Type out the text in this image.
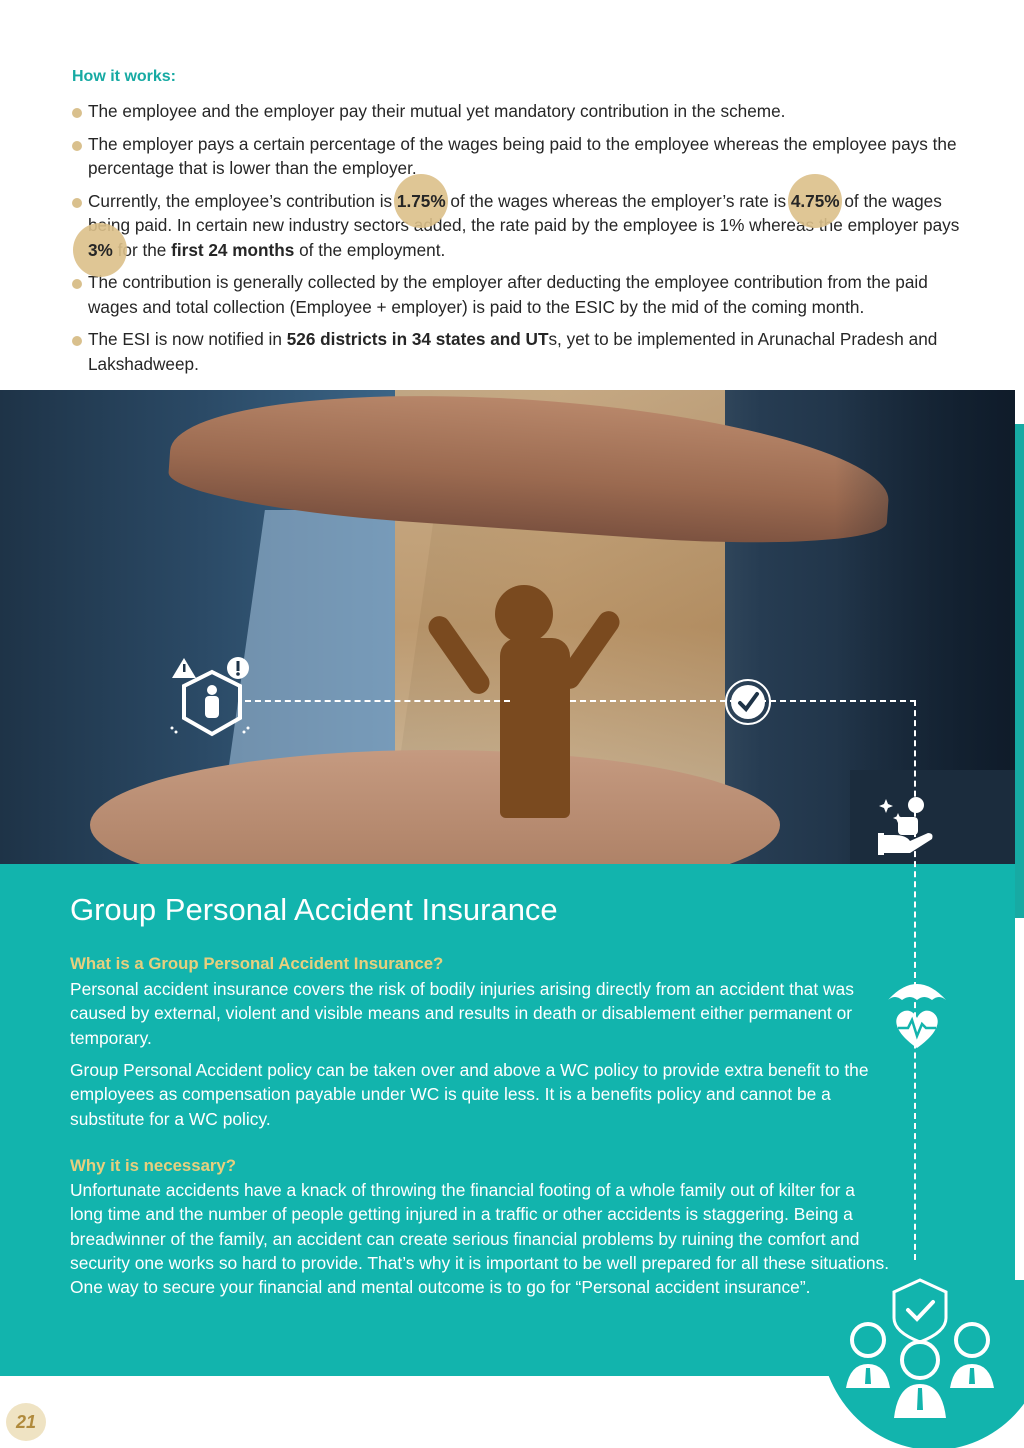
How it works:
The employee and the employer pay their mutual yet mandatory contribution in the scheme.
The employer pays a certain percentage of the wages being paid to the employee whereas the employee pays the percentage that is lower than the employer.
Currently, the employee’s contribution is 1.75% of the wages whereas the employer’s rate is 4.75% of the wages being paid. In certain new industry sectors added, the rate paid by the employee is 1% whereas the employer pays 3% for the first 24 months of the employment.
The contribution is generally collected by the employer after deducting the employee contribution from the paid wages and total collection (Employee + employer) is paid to the ESIC by the mid of the coming month.
The ESI is now notified in 526 districts in 34 states and UTs, yet to be implemented in Arunachal Pradesh and Lakshadweep.
Group Personal Accident Insurance
What is a Group Personal Accident Insurance?
Personal accident insurance covers the risk of bodily injuries arising directly from an accident that was caused by external, violent and visible means and results in death or disablement either permanent or temporary.
Group Personal Accident policy can be taken over and above a WC policy to provide extra benefit to the employees as compensation payable under WC is quite less. It is a benefits policy and cannot be a substitute for a WC policy.
Why it is necessary?
Unfortunate accidents have a knack of throwing the financial footing of a whole family out of kilter for a long time and the number of people getting injured in a traffic or other accidents is staggering. Being a breadwinner of the family, an accident can create serious financial problems by ruining the comfort and security one works so hard to provide. That’s why it is important to be well prepared for all these situations. One way to secure your financial and mental outcome is to go for “Personal accident insurance”.
21
